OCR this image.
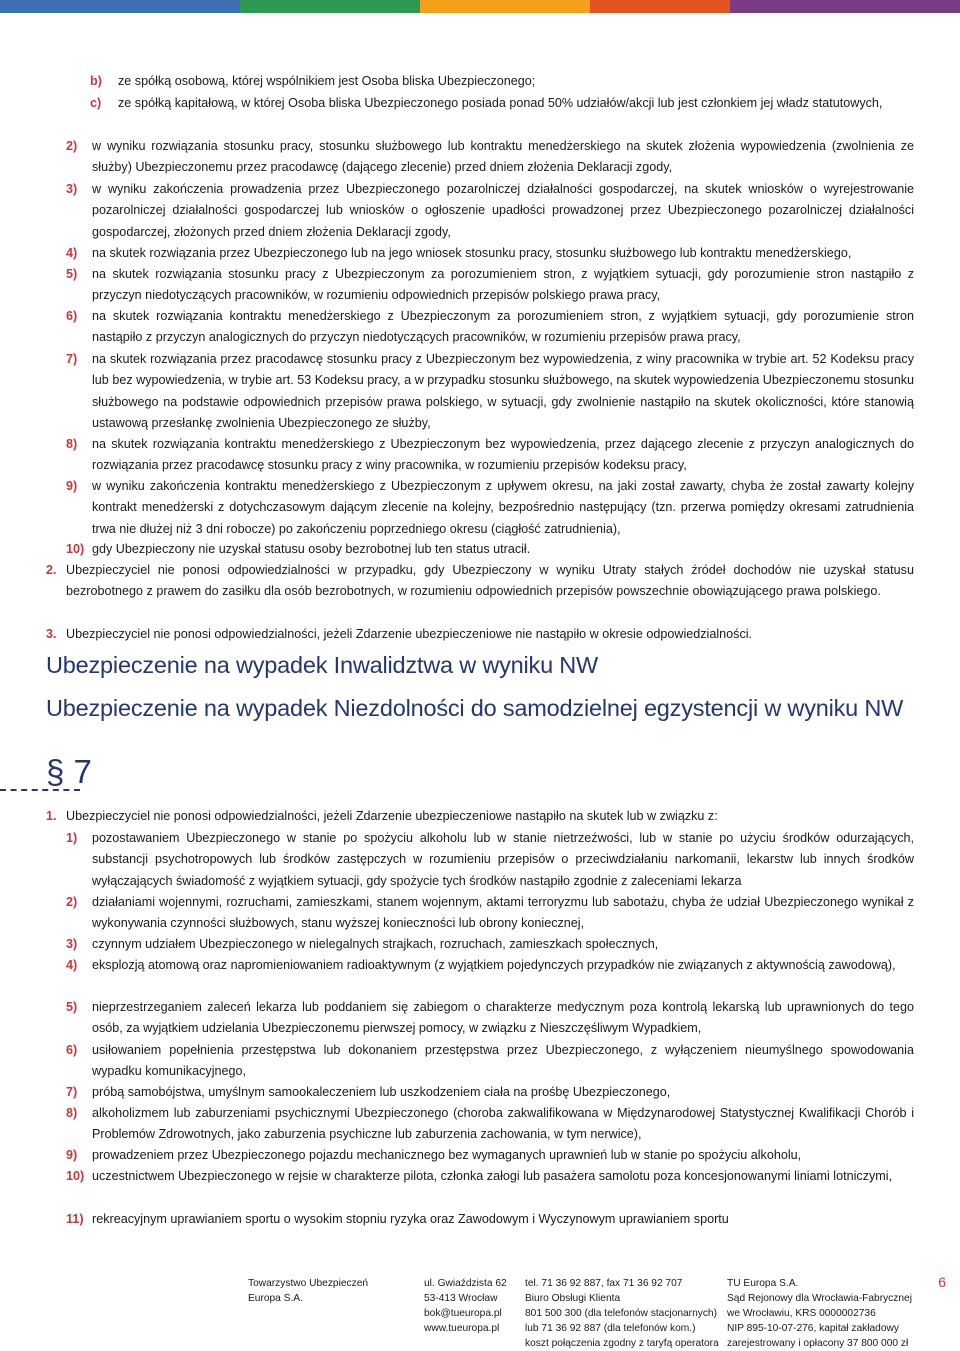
b) ze spółką osobową, której wspólnikiem jest Osoba bliska Ubezpieczonego;
c) ze spółką kapitałową, w której Osoba bliska Ubezpieczonego posiada ponad 50% udziałów/akcji lub jest członkiem jej władz statutowych,
2) w wyniku rozwiązania stosunku pracy, stosunku służbowego lub kontraktu menedżerskiego na skutek złożenia wypowiedzenia (zwolnienia ze służby) Ubezpieczonemu przez pracodawcę (dającego zlecenie) przed dniem złożenia Deklaracji zgody,
3) w wyniku zakończenia prowadzenia przez Ubezpieczonego pozarolniczej działalności gospodarczej, na skutek wniosków o wyrejestrowanie pozarolniczej działalności gospodarczej lub wniosków o ogłoszenie upadłości prowadzonej przez Ubezpieczonego pozarolniczej działalności gospodarczej, złożonych przed dniem złożenia Deklaracji zgody,
4) na skutek rozwiązania przez Ubezpieczonego lub na jego wniosek stosunku pracy, stosunku służbowego lub kontraktu menedżerskiego,
5) na skutek rozwiązania stosunku pracy z Ubezpieczonym za porozumieniem stron, z wyjątkiem sytuacji, gdy porozumienie stron nastąpiło z przyczyn niedotyczących pracowników, w rozumieniu odpowiednich przepisów polskiego prawa pracy,
6) na skutek rozwiązania kontraktu menedżerskiego z Ubezpieczonym za porozumieniem stron, z wyjątkiem sytuacji, gdy porozumienie stron nastąpiło z przyczyn analogicznych do przyczyn niedotyczących pracowników, w rozumieniu przepisów prawa pracy,
7) na skutek rozwiązania przez pracodawcę stosunku pracy z Ubezpieczonym bez wypowiedzenia, z winy pracownika w trybie art. 52 Kodeksu pracy lub bez wypowiedzenia, w trybie art. 53 Kodeksu pracy, a w przypadku stosunku służbowego, na skutek wypowiedzenia Ubezpieczonemu stosunku służbowego na podstawie odpowiednich przepisów prawa polskiego, w sytuacji, gdy zwolnienie nastąpiło na skutek okoliczności, które stanowią ustawową przesłankę zwolnienia Ubezpieczonego ze służby,
8) na skutek rozwiązania kontraktu menedżerskiego z Ubezpieczonym bez wypowiedzenia, przez dającego zlecenie z przyczyn analogicznych do rozwiązania przez pracodawcę stosunku pracy z winy pracownika, w rozumieniu przepisów kodeksu pracy,
9) w wyniku zakończenia kontraktu menedżerskiego z Ubezpieczonym z upływem okresu, na jaki został zawarty, chyba że został zawarty kolejny kontrakt menedżerski z dotychczasowym dającym zlecenie na kolejny, bezpośrednio następujący (tzn. przerwa pomiędzy okresami zatrudnienia trwa nie dłużej niż 3 dni robocze) po zakończeniu poprzedniego okresu (ciągłość zatrudnienia),
10) gdy Ubezpieczony nie uzyskał statusu osoby bezrobotnej lub ten status utracił.
2. Ubezpieczyciel nie ponosi odpowiedzialności w przypadku, gdy Ubezpieczony w wyniku Utraty stałych źródeł dochodów nie uzyskał statusu bezrobotnego z prawem do zasiłku dla osób bezrobotnych, w rozumieniu odpowiednich przepisów powszechnie obowiązującego prawa polskiego.
3. Ubezpieczyciel nie ponosi odpowiedzialności, jeżeli Zdarzenie ubezpieczeniowe nie nastąpiło w okresie odpowiedzialności.
Ubezpieczenie na wypadek Inwalidztwa w wyniku NW
Ubezpieczenie na wypadek Niezdolności do samodzielnej egzystencji w wyniku NW
§ 7
1. Ubezpieczyciel nie ponosi odpowiedzialności, jeżeli Zdarzenie ubezpieczeniowe nastąpiło na skutek lub w związku z:
1) pozostawaniem Ubezpieczonego w stanie po spożyciu alkoholu lub w stanie nietrzeźwości, lub w stanie po użyciu środków odurzających, substancji psychotropowych lub środków zastępczych w rozumieniu przepisów o przeciwdziałaniu narkomanii, lekarstw lub innych środków wyłączających świadomość z wyjątkiem sytuacji, gdy spożycie tych środków nastąpiło zgodnie z zaleceniami lekarza
2) działaniami wojennymi, rozruchami, zamieszkami, stanem wojennym, aktami terroryzmu lub sabotażu, chyba że udział Ubezpieczonego wynikał z wykonywania czynności służbowych, stanu wyższej konieczności lub obrony koniecznej,
3) czynnym udziałem Ubezpieczonego w nielegalnych strajkach, rozruchach, zamieszkach społecznych,
4) eksplozją atomową oraz napromieniowaniem radioaktywnym (z wyjątkiem pojedynczych przypadków nie związanych z aktywnością zawodową),
5) nieprzestrzeganiem zaleceń lekarza lub poddaniem się zabiegom o charakterze medycznym poza kontrolą lekarską lub uprawnionych do tego osób, za wyjątkiem udzielania Ubezpieczonemu pierwszej pomocy, w związku z Nieszczęśliwym Wypadkiem,
6) usiłowaniem popełnienia przestępstwa lub dokonaniem przestępstwa przez Ubezpieczonego, z wyłączeniem nieumyślnego spowodowania wypadku komunikacyjnego,
7) próbą samobójstwa, umyślnym samookaleczeniem lub uszkodzeniem ciała na prośbę Ubezpieczonego,
8) alkoholizmem lub zaburzeniami psychicznymi Ubezpieczonego (choroba zakwalifikowana w Międzynarodowej Statystycznej Kwalifikacji Chorób i Problemów Zdrowotnych, jako zaburzenia psychiczne lub zaburzenia zachowania, w tym nerwice),
9) prowadzeniem przez Ubezpieczonego pojazdu mechanicznego bez wymaganych uprawnień lub w stanie po spożyciu alkoholu,
10) uczestnictwem Ubezpieczonego w rejsie w charakterze pilota, członka załogi lub pasażera samolotu poza koncesjonowanymi liniami lotniczymi,
11) rekreacyjnym uprawianiem sportu o wysokim stopniu ryzyka oraz Zawodowym i Wyczynowym uprawianiem sportu
Towarzystwo Ubezpieczeń
Europa S.A.
ul. Gwiaździsta 62
53-413 Wrocław
bok@tueuropa.pl
www.tueuropa.pl
tel. 71 36 92 887, fax 71 36 92 707
Biuro Obsługi Klienta
801 500 300 (dla telefonów stacjonarnych)
lub 71 36 92 887 (dla telefonów kom.)
koszt połączenia zgodny z taryfą operatora
TU Europa S.A.
Sąd Rejonowy dla Wrocławia-Fabrycznej
we Wrocławiu, KRS 0000002736
NIP 895-10-07-276, kapitał zakładowy
zarejestrowany i opłacony 37 800 000 zł
6
